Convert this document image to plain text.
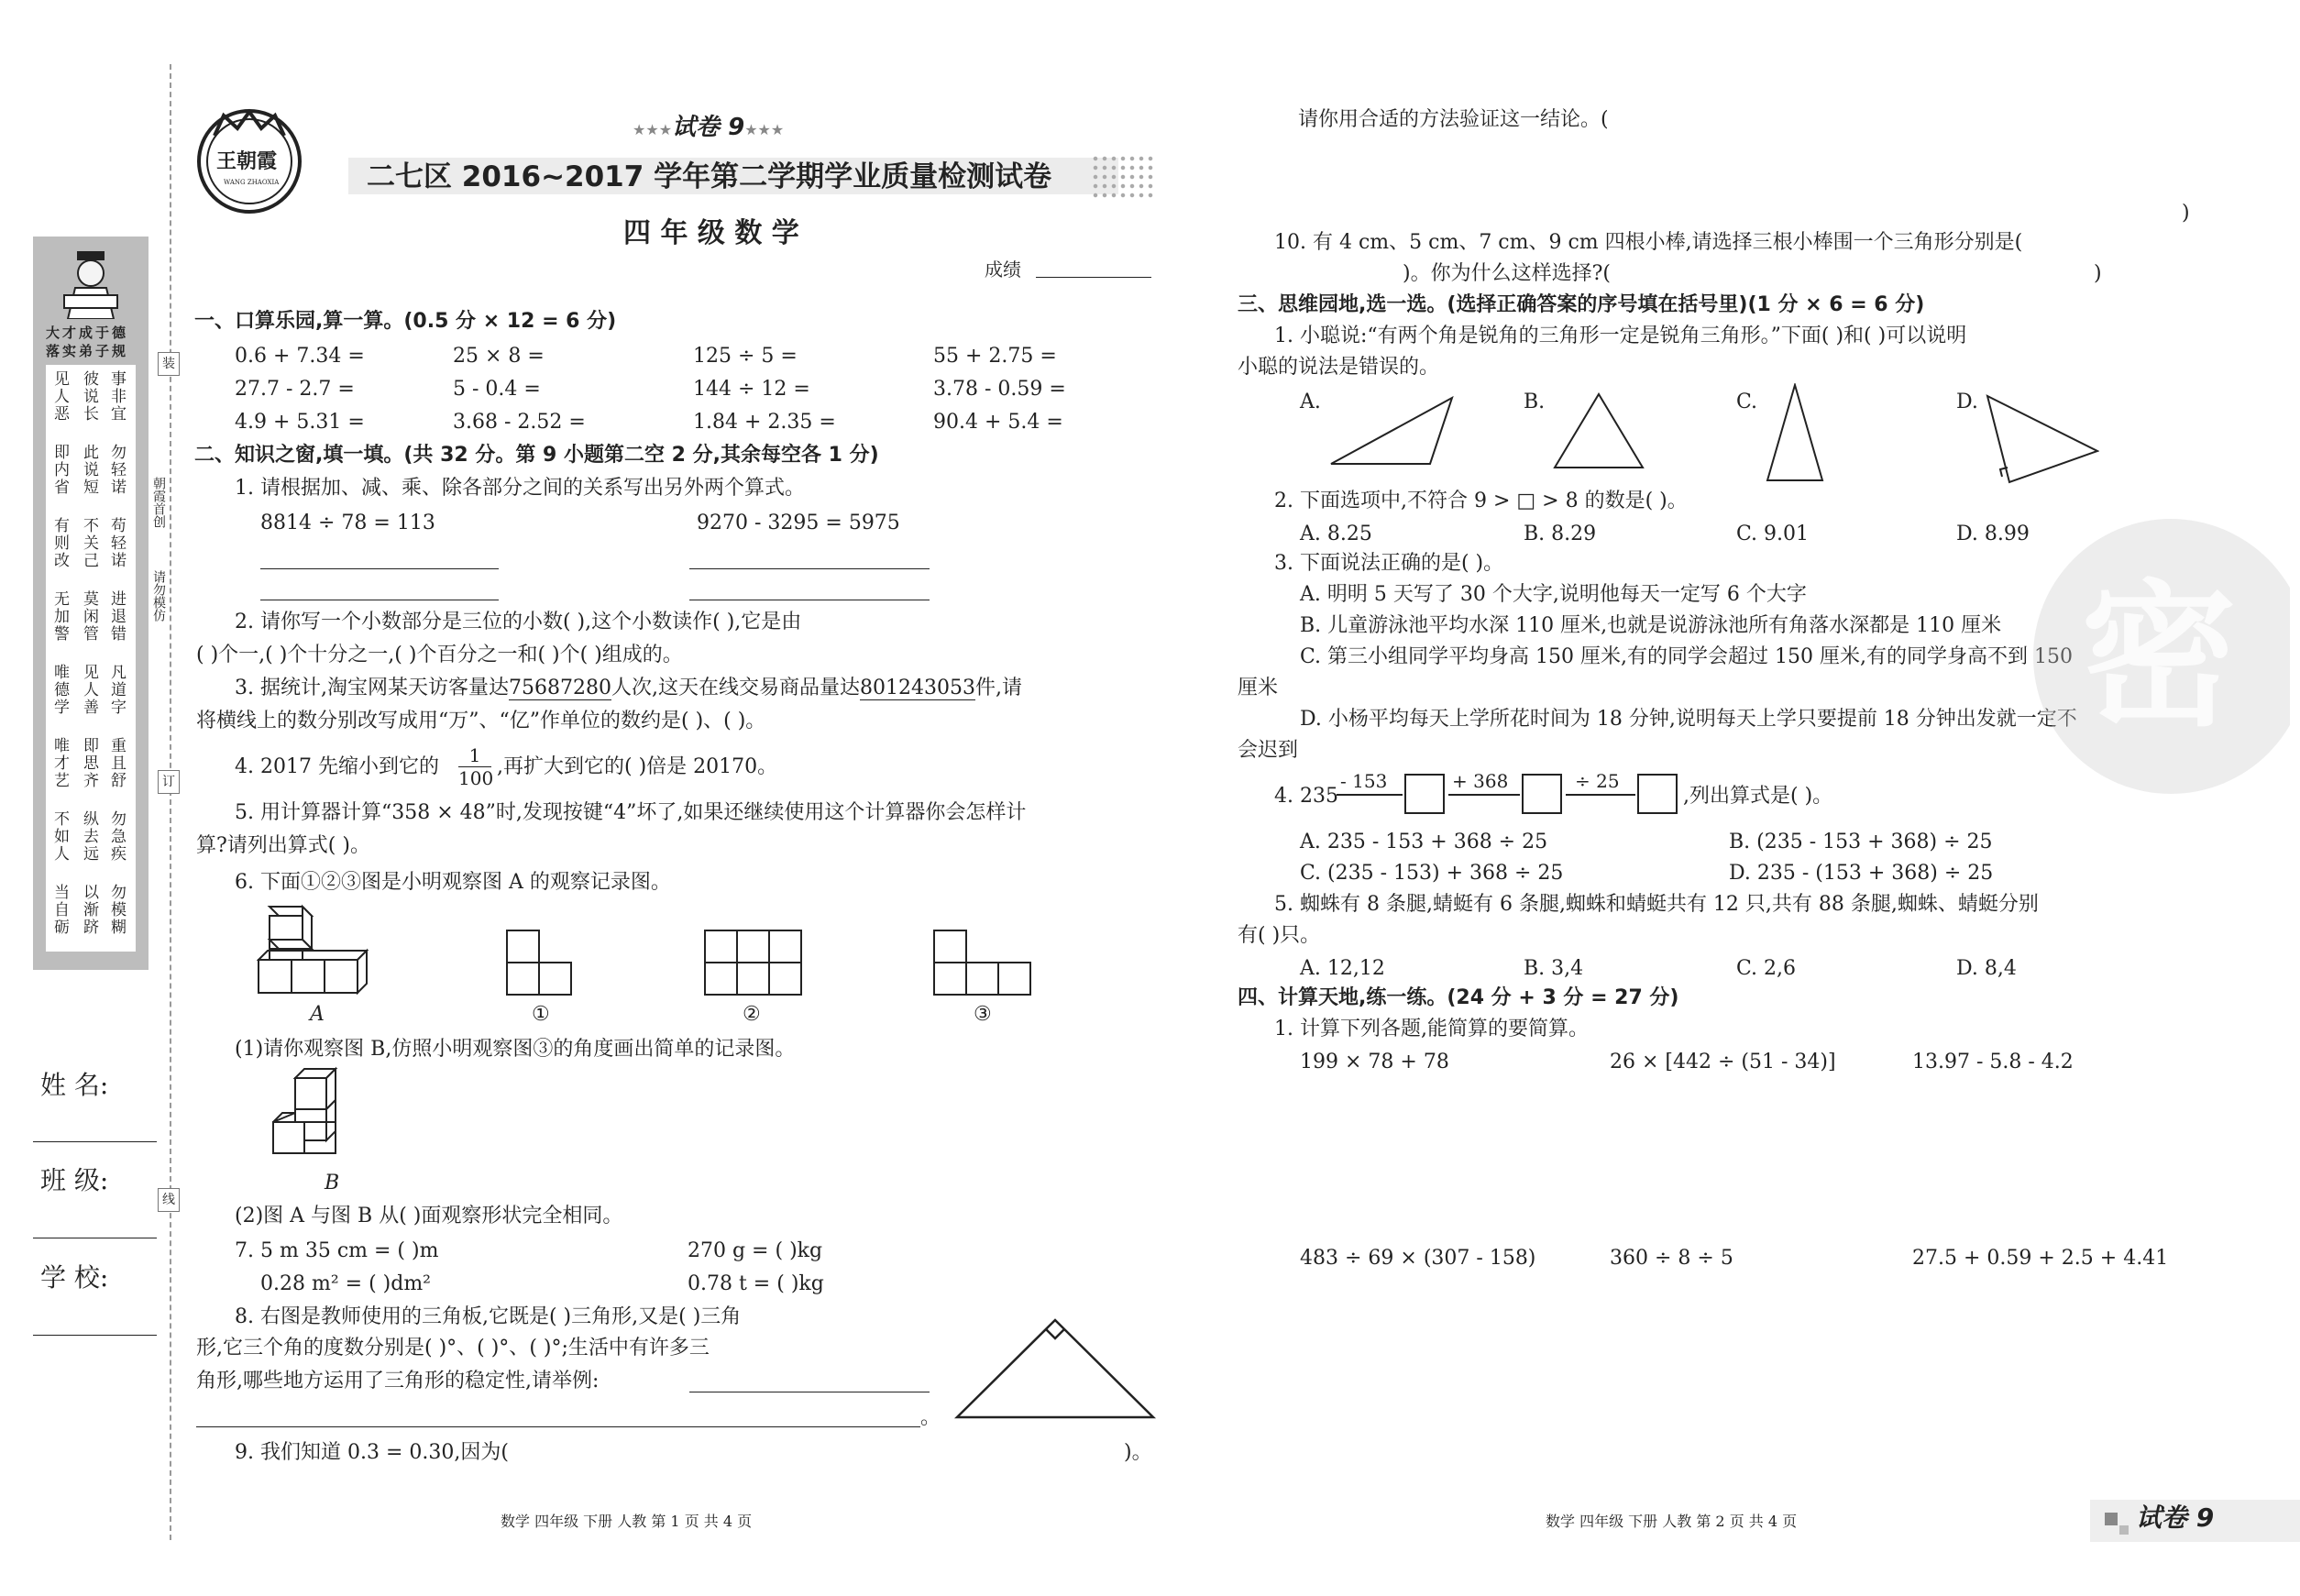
大才成于德
落实弟子规
见人恶 彼说长 事非宜
即内省 此说短 勿轻诺
有则改 不关己 苟轻诺
无加警 莫闲管 进退错
唯德学 见人善 凡道字
唯才艺 即思齐 重且舒
不如人 纵去远 勿急疾
当自砺 以渐跻 勿模糊
装
订
线
朝霞首创
请勿模仿
姓 名:
班 级:
学 校:
王朝霞
WANG ZHAOXIA
★★★试卷 9★★★
二七区 2016~2017 学年第二学期学业质量检测试卷
四 年 级 数 学
成绩
一、口算乐园,算一算。(0.5 分 × 12 = 6 分)
0.6 + 7.34 =	25 × 8 =	125 ÷ 5 =	55 + 2.75 =
27.7 - 2.7 =	5 - 0.4 =	144 ÷ 12 =	3.78 - 0.59 =
4.9 + 5.31 =	3.68 - 2.52 =	1.84 + 2.35 =	90.4 + 5.4 =
二、知识之窗,填一填。(共 32 分。第 9 小题第二空 2 分,其余每空各 1 分)
1. 请根据加、减、乘、除各部分之间的关系写出另外两个算式。
8814 ÷ 78 = 113	9270 - 3295 = 5975
2. 请你写一个小数部分是三位的小数( ),这个小数读作( ),它是由
( )个一,( )个十分之一,( )个百分之一和( )个( )组成的。
3. 据统计,淘宝网某天访客量达75687280人次,这天在线交易商品量达801243053件,请
将横线上的数分别改写成用“万”、“亿”作单位的数约是( )、( )。
4. 2017 先缩小到它的 $\frac{1}{100}$ ,再扩大到它的( )倍是 20170。
5. 用计算器计算“358 × 48”时,发现按键“4”坏了,如果还继续使用这个计算器你会怎样计
算?请列出算式( )。
6. 下面①②③图是小明观察图 A 的观察记录图。
A	①	②	③
(1)请你观察图 B,仿照小明观察图③的角度画出简单的记录图。
B
(2)图 A 与图 B 从( )面观察形状完全相同。
7. 5 m 35 cm = ( )m	270 g = ( )kg
0.28 m² = ( )dm²	0.78 t = ( )kg
8. 右图是教师使用的三角板,它既是( )三角形,又是( )三角
形,它三个角的度数分别是( )°、( )°、( )°;生活中有许多三
角形,哪些地方运用了三角形的稳定性,请举例:
。
9. 我们知道 0.3 = 0.30,因为(	)。
数学 四年级 下册 人教 第 1 页 共 4 页
请你用合适的方法验证这一结论。(
)
10. 有 4 cm、5 cm、7 cm、9 cm 四根小棒,请选择三根小棒围一个三角形分别是(
)。你为什么这样选择?(	)
三、思维园地,选一选。(选择正确答案的序号填在括号里)(1 分 × 6 = 6 分)
1. 小聪说:“有两个角是锐角的三角形一定是锐角三角形。”下面( )和( )可以说明
小聪的说法是错误的。
A.	B.	C.	D.
2. 下面选项中,不符合 9 > □ > 8 的数是( )。
A. 8.25	B. 8.29	C. 9.01	D. 8.99
3. 下面说法正确的是( )。
A. 明明 5 天写了 30 个大字,说明他每天一定写 6 个大字
B. 儿童游泳池平均水深 110 厘米,也就是说游泳池所有角落水深都是 110 厘米
C. 第三小组同学平均身高 150 厘米,有的同学会超过 150 厘米,有的同学身高不到 150
厘米
D. 小杨平均每天上学所花时间为 18 分钟,说明每天上学只要提前 18 分钟出发就一定不
会迟到
4. 235
- 153	+ 368	÷ 25
,列出算式是( )。
A. 235 - 153 + 368 ÷ 25	B. (235 - 153 + 368) ÷ 25
C. (235 - 153) + 368 ÷ 25	D. 235 - (153 + 368) ÷ 25
5. 蜘蛛有 8 条腿,蜻蜓有 6 条腿,蜘蛛和蜻蜓共有 12 只,共有 88 条腿,蜘蛛、蜻蜓分别
有( )只。
A. 12,12	B. 3,4	C. 2,6	D. 8,4
四、计算天地,练一练。(24 分 + 3 分 = 27 分)
1. 计算下列各题,能简算的要简算。
199 × 78 + 78	26 × [442 ÷ (51 - 34)]	13.97 - 5.8 - 4.2
483 ÷ 69 × (307 - 158)	360 ÷ 8 ÷ 5	27.5 + 0.59 + 2.5 + 4.41
密
数学 四年级 下册 人教 第 2 页 共 4 页	试卷 9
